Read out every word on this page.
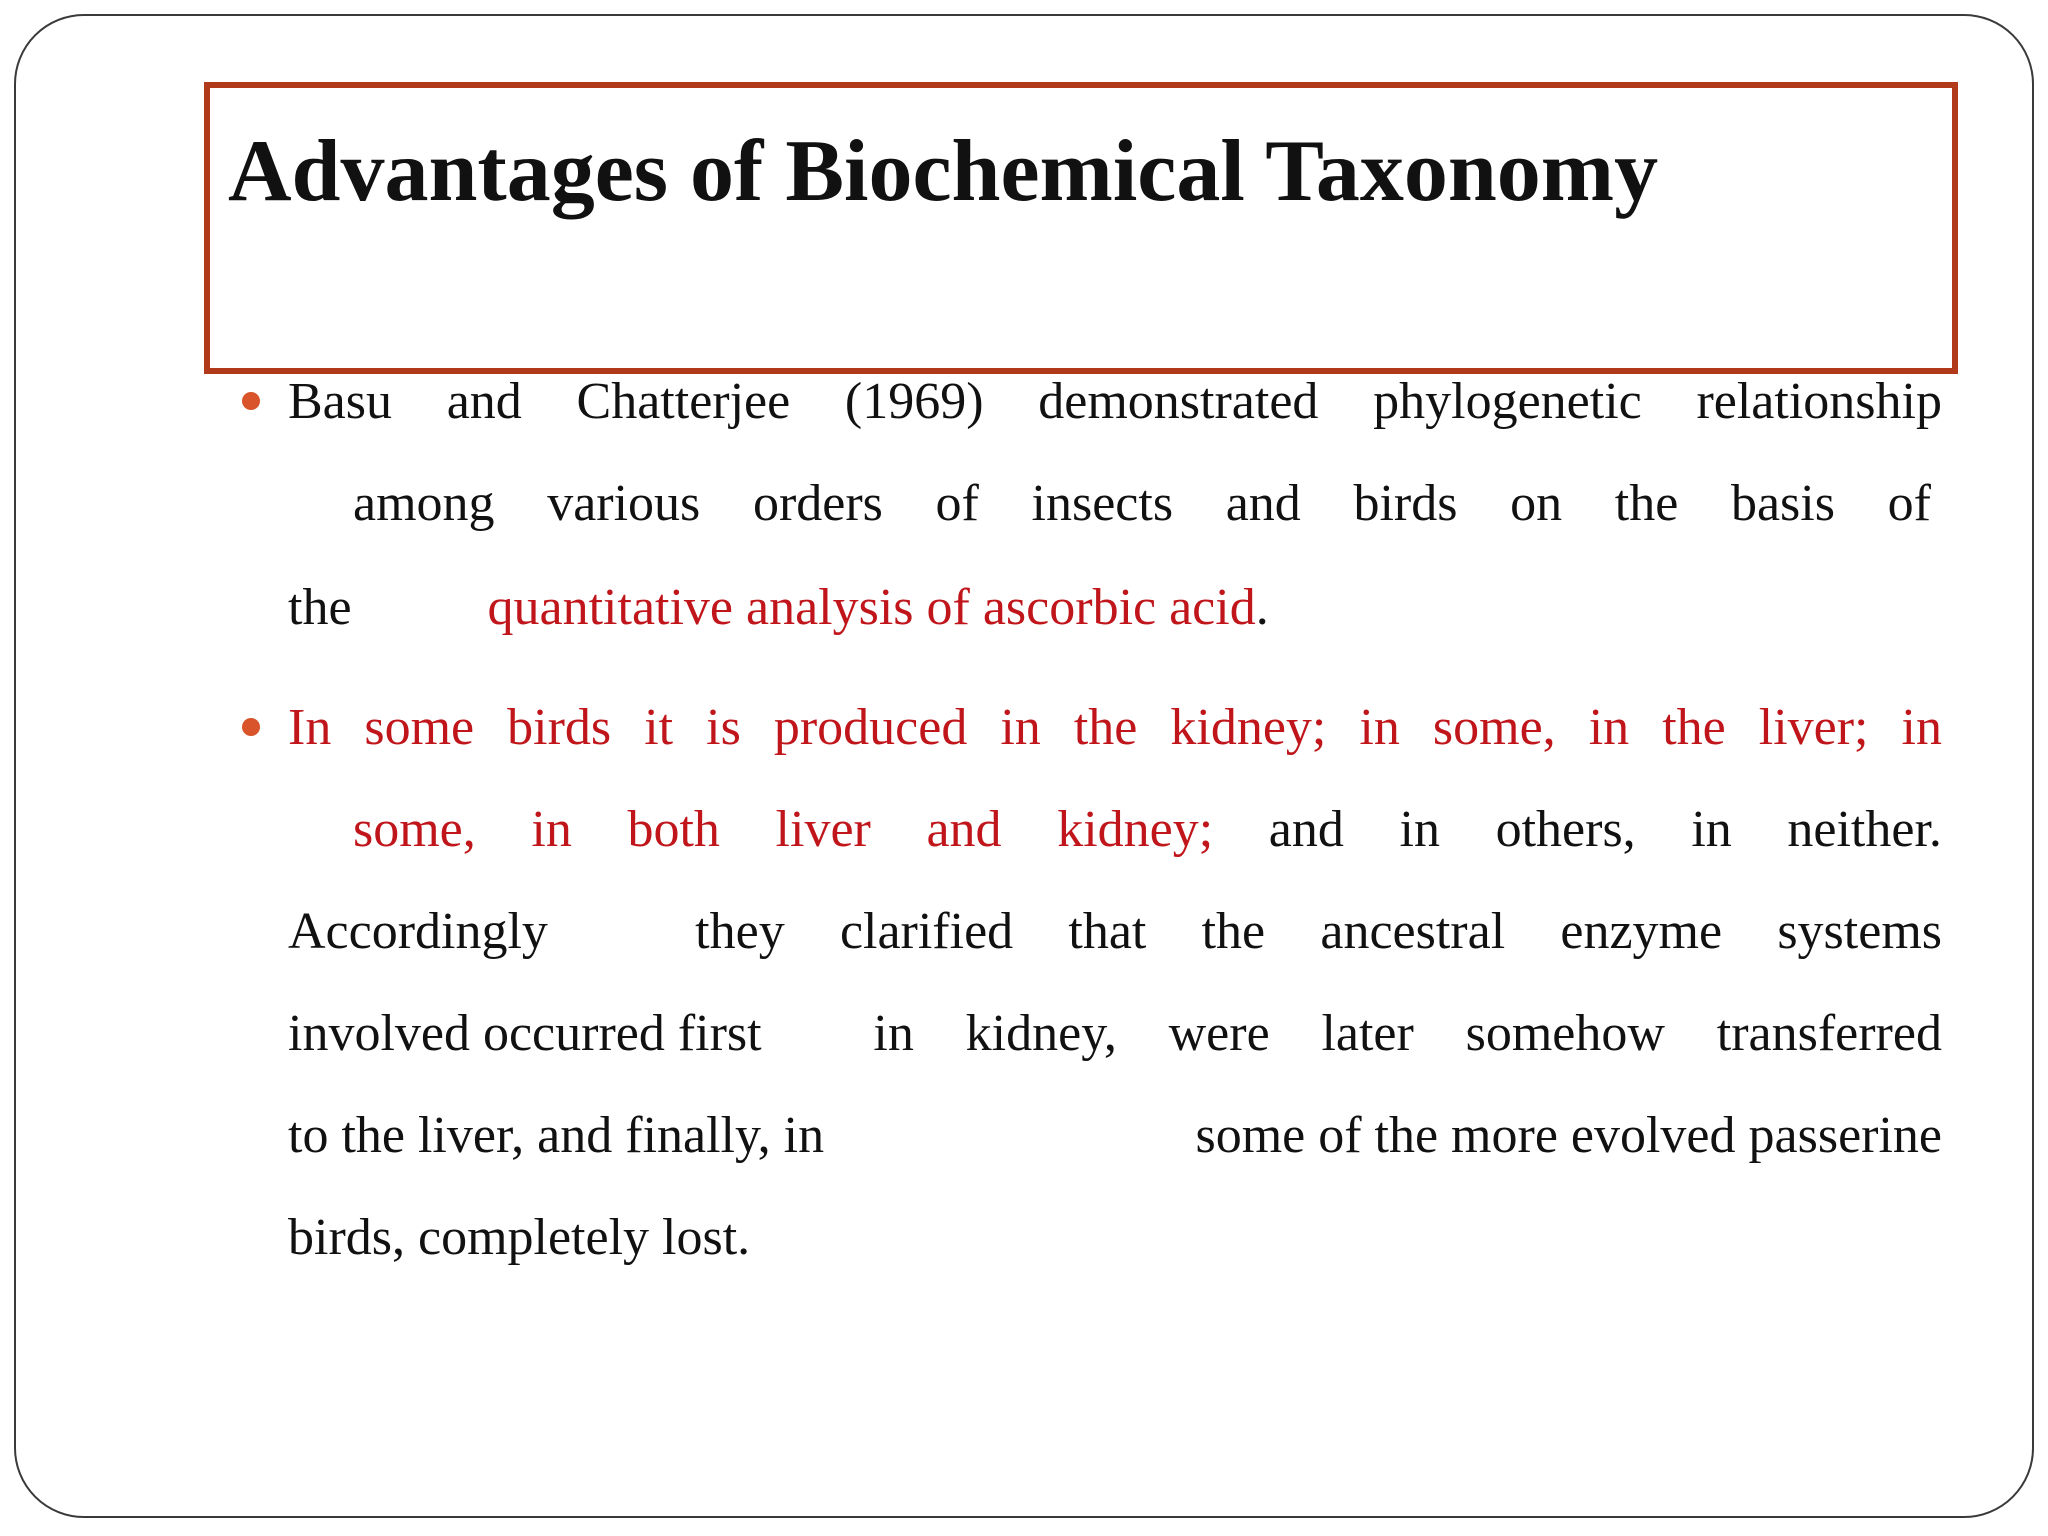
Advantages of Biochemical Taxonomy
Basu and Chatterjee (1969) demonstrated phylogenetic relationship
among various orders of insects and birds on the basis of
the	quantitative analysis of ascorbic acid.
In some birds it is produced in the kidney; in some, in the liver; in
some, in both liver and kidney; and in others, in neither.
Accordingly	they clarified that the ancestral enzyme systems
involved occurred first in kidney, were later somehow transferred
to the liver, and finally, in	some of the more evolved passerine
birds, completely lost.
